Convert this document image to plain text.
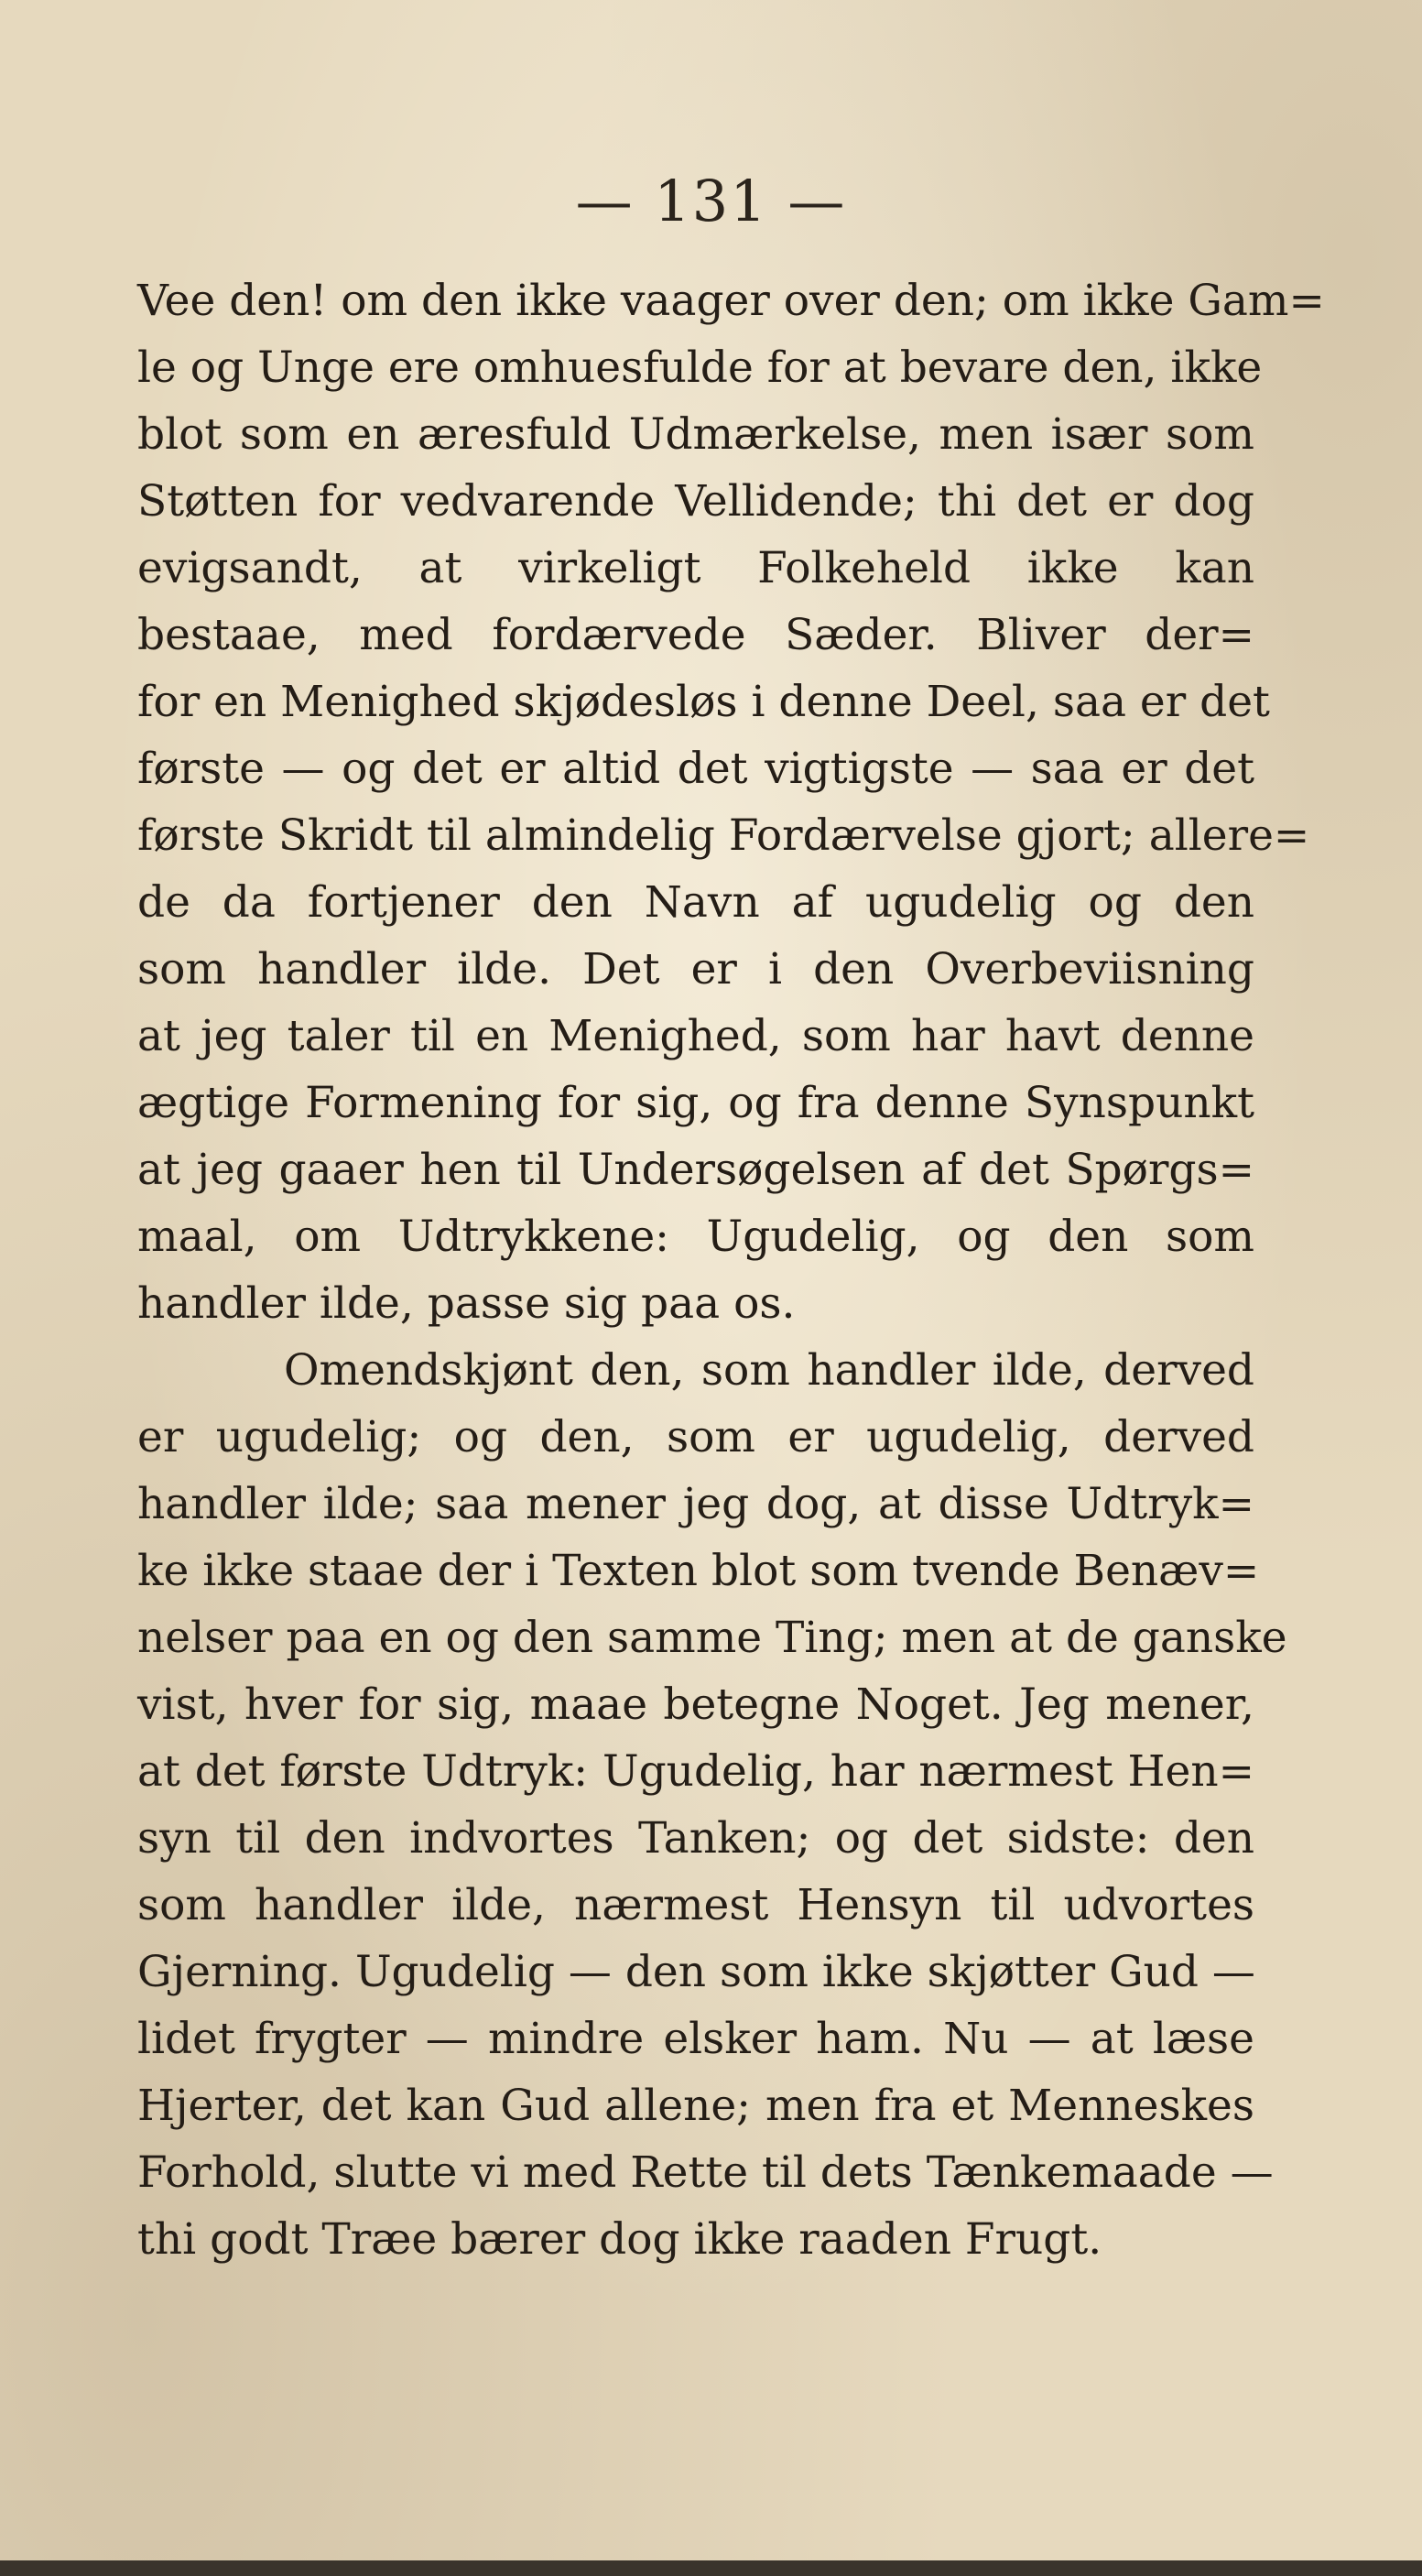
— 131 —
Vee den! om den ikke vaager over den; om ikke Gam=
le og Unge ere omhuesfulde for at bevare den, ikke
blot som en æresfuld Udmærkelse, men især som
Støtten for vedvarende Vellidende; thi det er dog
evigsandt, at virkeligt Folkeheld ikke kan
bestaae, med fordærvede Sæder. Bliver der=
for en Menighed skjødesløs i denne Deel, saa er det
første — og det er altid det vigtigste — saa er det
første Skridt til almindelig Fordærvelse gjort; allere=
de da fortjener den Navn af ugudelig og den
som handler ilde. Det er i den Overbeviisning
at jeg taler til en Menighed, som har havt denne
ægtige Formening for sig, og fra denne Synspunkt
at jeg gaaer hen til Undersøgelsen af det Spørgs=
maal, om Udtrykkene: Ugudelig, og den som
handler ilde, passe sig paa os.
Omendskjønt den, som handler ilde, derved
er ugudelig; og den, som er ugudelig, derved
handler ilde; saa mener jeg dog, at disse Udtryk=
ke ikke staae der i Texten blot som tvende Benæv=
nelser paa en og den samme Ting; men at de ganske
vist, hver for sig, maae betegne Noget. Jeg mener,
at det første Udtryk: Ugudelig, har nærmest Hen=
syn til den indvortes Tanken; og det sidste: den
som handler ilde, nærmest Hensyn til udvortes
Gjerning. Ugudelig — den som ikke skjøtter Gud —
lidet frygter — mindre elsker ham. Nu — at læse
Hjerter, det kan Gud allene; men fra et Menneskes
Forhold, slutte vi med Rette til dets Tænkemaade —
thi godt Træe bærer dog ikke raaden Frugt.
